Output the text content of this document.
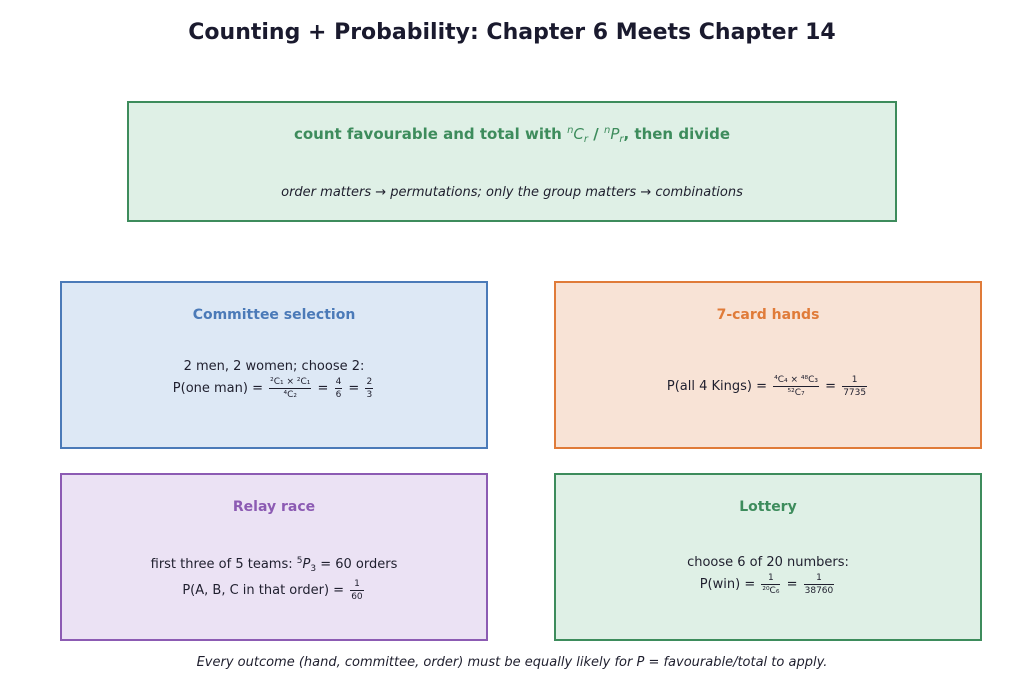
Counting + Probability: Chapter 6 Meets Chapter 14
count favourable and total with $^nC_r / ^nP_r$, then divide
order matters → permutations; only the group matters → combinations
Committee selection
2 men, 2 women; choose 2:
P(one $man) = \frac{\text{²C₁ × ²C₁}}{\text{⁴C₂}} = \frac{4}{6} = \frac{2}{3}$
7-card hands
P(all 4 Kings) = $\frac{\text{⁴C₄ × ⁴⁸C₃}}{\text{⁵²C₇}} = \frac{1}{7735}$
Relay race
first three of 5 teams: $^5P_3 = 60$ orders
P(A, B, C in that order) = $\frac{1}{60}$
Lottery
choose 6 of 20 numbers:
$P(win) = \frac{1}{\text{²⁰C₆}} = \frac{1}{38760}$
Every outcome (hand, committee, order) must be equally likely for P = favourable/total to apply.
